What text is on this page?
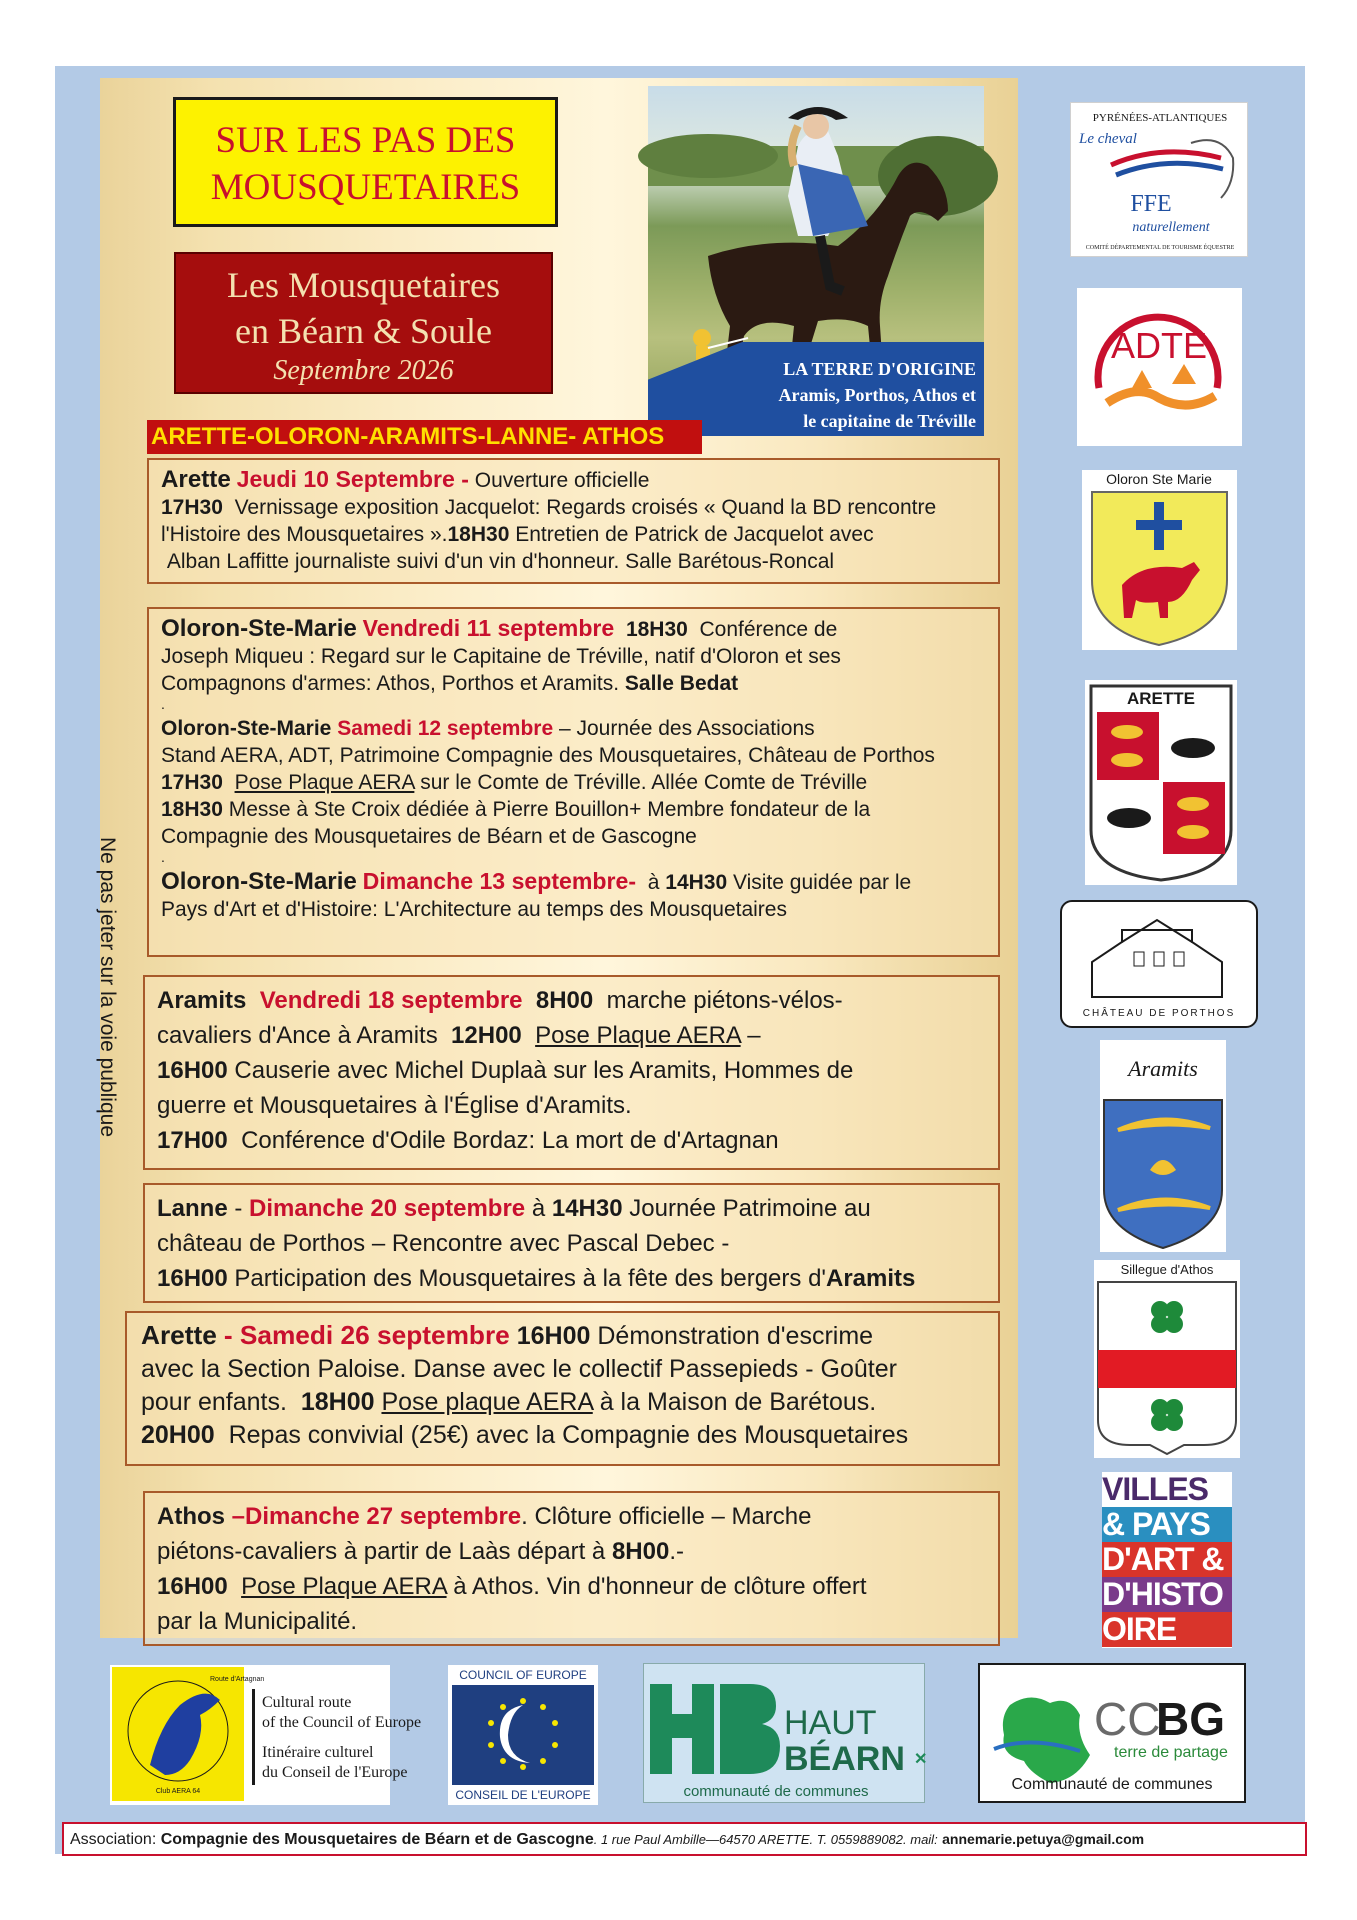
SUR LES PAS DES
MOUSQUETAIRES
Les Mousquetaires
en Béarn & Soule
Septembre 2026	LA TERRE D'ORIGINE
Aramis, Porthos, Athos et
le capitaine de Tréville
ARETTE-OLORON-ARAMITS-LANNE- ATHOS
Ne pas jeter sur la voie publique

Arette Jeudi 10 Septembre - Ouverture officielle

17H30 Vernissage exposition Jacquelot: Regards croisés « Quand la BD rencontre

l'Histoire des Mousquetaires ».18H30 Entretien de Patrick de Jacquelot avec

Alban Laffitte journaliste suivi d'un vin d'honneur. Salle Barétous-Roncal

Oloron-Ste-Marie Vendredi 11 septembre 18H30 Conférence de

Joseph Miqueu : Regard sur le Capitaine de Tréville, natif d'Oloron et ses

Compagnons d'armes: Athos, Porthos et Aramits. Salle Bedat

.

Oloron-Ste-Marie Samedi 12 septembre – Journée des Associations

Stand AERA, ADT, Patrimoine Compagnie des Mousquetaires, Château de Porthos

17H30 Pose Plaque AERA sur le Comte de Tréville. Allée Comte de Tréville

18H30 Messe à Ste Croix dédiée à Pierre Bouillon+ Membre fondateur de la

Compagnie des Mousquetaires de Béarn et de Gascogne

.

Oloron-Ste-Marie Dimanche 13 septembre- à 14H30 Visite guidée par le

Pays d'Art et d'Histoire: L'Architecture au temps des Mousquetaires

Aramits Vendredi 18 septembre 8H00 marche piétons-vélos-

cavaliers d'Ance à Aramits 12H00 Pose Plaque AERA –

16H00 Causerie avec Michel Duplaà sur les Aramits, Hommes de

guerre et Mousquetaires à l'Église d'Aramits.

17H00 Conférence d'Odile Bordaz: La mort de d'Artagnan

Lanne - Dimanche 20 septembre à 14H30 Journée Patrimoine au

château de Porthos – Rencontre avec Pascal Debec -

16H00 Participation des Mousquetaires à la fête des bergers d'Aramits

Arette - Samedi 26 septembre 16H00 Démonstration d'escrime

avec la Section Paloise. Danse avec le collectif Passepieds - Goûter

pour enfants. 18H00 Pose plaque AERA à la Maison de Barétous.

20H00 Repas convivial (25€) avec la Compagnie des Mousquetaires

Athos –Dimanche 27 septembre. Clôture officielle – Marche

piétons-cavaliers à partir de Laàs départ à 8H00.-

16H00 Pose Plaque AERA à Athos. Vin d'honneur de clôture offert

par la Municipalité.

PYRÉNÉES-ATLANTIQUES
Le cheval
FFE
naturellement
COMITÉ DÉPARTEMENTAL DE TOURISME ÉQUESTRE
ADTE
Oloron Ste Marie
ARETTE
CHÂTEAU DE PORTHOS
Aramits
Sillegue d'Athos
VILLES
& PAYS
D'ART &
D'HISTO
OIRE
Route d'Artagnan
Club AERA 64
Cultural route
of the Council of Europe
Itinéraire culturel
du Conseil de l'Europe
COUNCIL OF EUROPE
CONSEIL DE L'EUROPE
HAUT
BÉARN ✕
communauté de communes
CC
BG
terre de partage
Communauté de communes
Association: Compagnie des Mousquetaires de Béarn et de Gascogne. 1 rue Paul Ambille—64570 ARETTE. T. 0559889082. mail: annemarie.petuya@gmail.com
